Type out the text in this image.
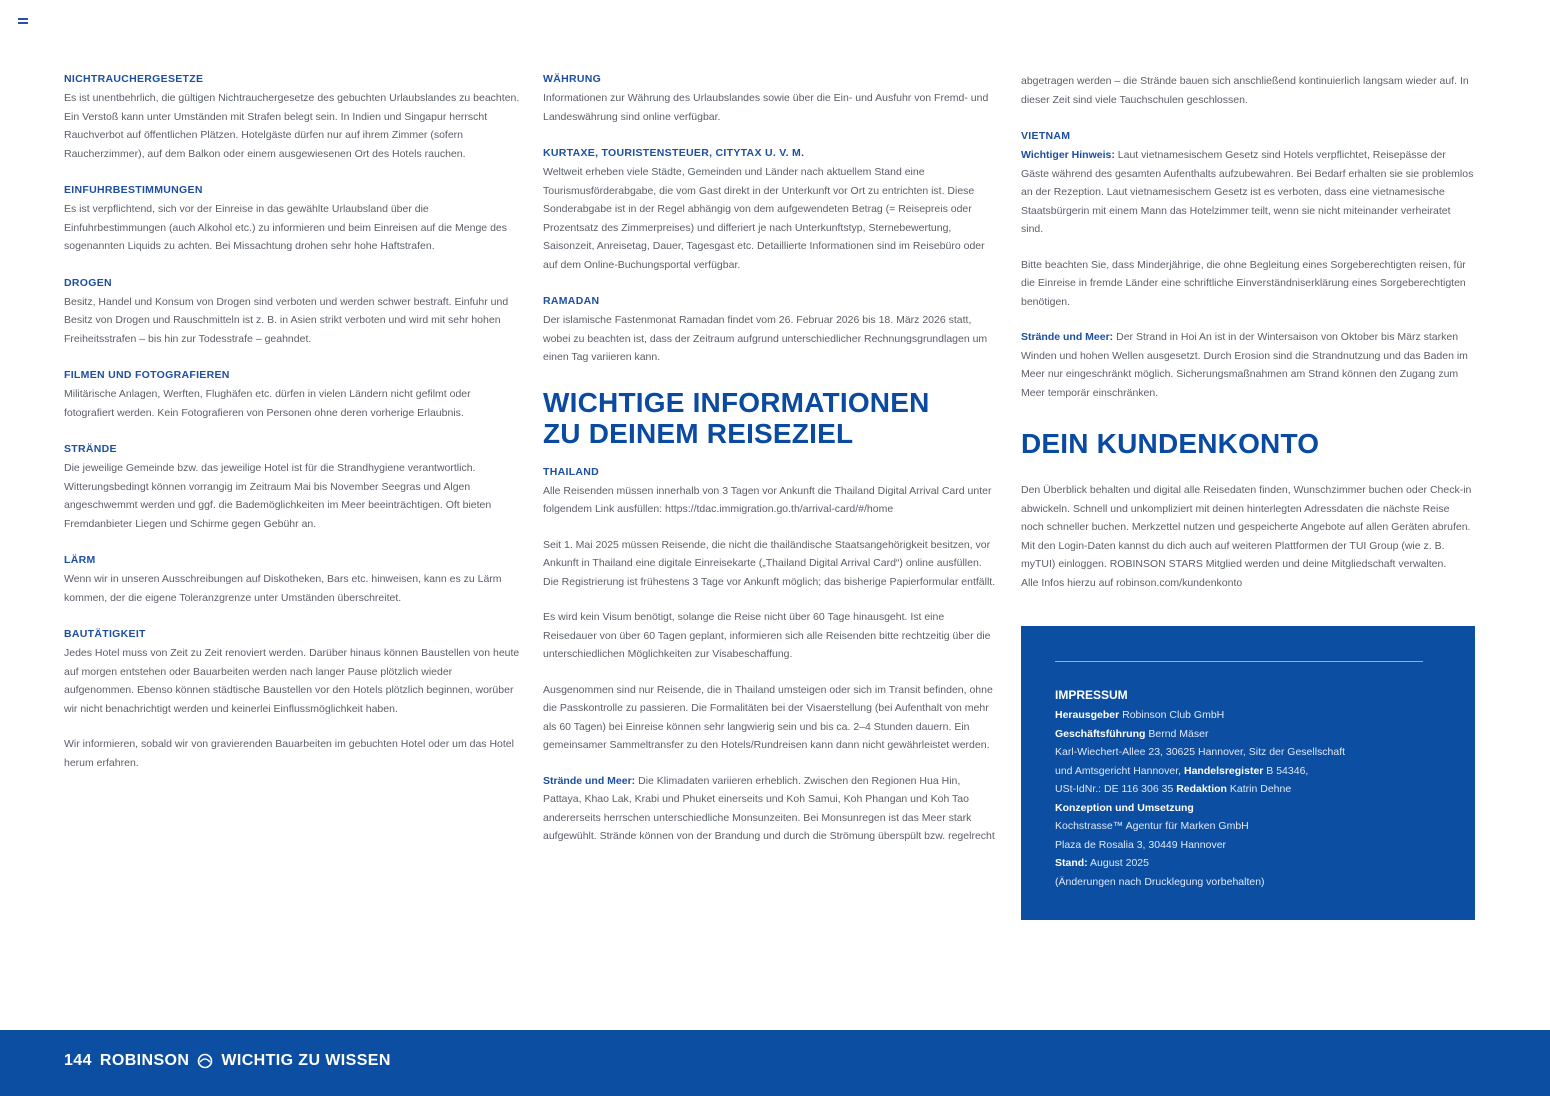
NICHTRAUCHERGESETZE

Es ist unentbehrlich, die gültigen Nichtrauchergesetze des gebuchten Urlaubslandes zu beachten. Ein Verstoß kann unter Umständen mit Strafen belegt sein. In Indien und Singapur herrscht Rauchverbot auf öffentlichen Plätzen. Hotelgäste dürfen nur auf ihrem Zimmer (sofern Raucherzimmer), auf dem Balkon oder einem ausgewiesenen Ort des Hotels rauchen.

EINFUHRBESTIMMUNGEN

Es ist verpflichtend, sich vor der Einreise in das gewählte Urlaubsland über die Einfuhrbestimmungen (auch Alkohol etc.) zu informieren und beim Einreisen auf die Menge des sogenannten Liquids zu achten. Bei Missachtung drohen sehr hohe Haftstrafen.

DROGEN

Besitz, Handel und Konsum von Drogen sind verboten und werden schwer bestraft. Einfuhr und Besitz von Drogen und Rauschmitteln ist z. B. in Asien strikt verboten und wird mit sehr hohen Freiheitsstrafen – bis hin zur Todesstrafe – geahndet.

FILMEN UND FOTOGRAFIEREN

Militärische Anlagen, Werften, Flughäfen etc. dürfen in vielen Ländern nicht gefilmt oder fotografiert werden. Kein Fotografieren von Personen ohne deren vorherige Erlaubnis.

STRÄNDE

Die jeweilige Gemeinde bzw. das jeweilige Hotel ist für die Strandhygiene verantwortlich. Witterungsbedingt können vorrangig im Zeitraum Mai bis November Seegras und Algen angeschwemmt werden und ggf. die Bademöglichkeiten im Meer beeinträchtigen. Oft bieten Fremdanbieter Liegen und Schirme gegen Gebühr an.

LÄRM

Wenn wir in unseren Ausschreibungen auf Diskotheken, Bars etc. hinweisen, kann es zu Lärm kommen, der die eigene Toleranzgrenze unter Umständen überschreitet.

BAUTÄTIGKEIT

Jedes Hotel muss von Zeit zu Zeit renoviert werden. Darüber hinaus können Baustellen von heute auf morgen entstehen oder Bauarbeiten werden nach langer Pause plötzlich wieder aufgenommen. Ebenso können städtische Baustellen vor den Hotels plötzlich beginnen, worüber wir nicht benachrichtigt werden und keinerlei Einflussmöglichkeit haben.

Wir informieren, sobald wir von gravierenden Bauarbeiten im gebuchten Hotel oder um das Hotel herum erfahren.

WÄHRUNG

Informationen zur Währung des Urlaubslandes sowie über die Ein- und Ausfuhr von Fremd- und Landeswährung sind online verfügbar.

KURTAXE, TOURISTENSTEUER, CITYTAX U. V. M.

Weltweit erheben viele Städte, Gemeinden und Länder nach aktuellem Stand eine Tourismusförderabgabe, die vom Gast direkt in der Unterkunft vor Ort zu entrichten ist. Diese Sonderabgabe ist in der Regel abhängig von dem aufgewendeten Betrag (= Reisepreis oder Prozentsatz des Zimmerpreises) und differiert je nach Unterkunftstyp, Sternebewertung, Saisonzeit, Anreisetag, Dauer, Tagesgast etc. Detaillierte Informationen sind im Reisebüro oder auf dem Online-Buchungsportal verfügbar.

RAMADAN

Der islamische Fastenmonat Ramadan findet vom 26. Februar 2026 bis 18. März 2026 statt, wobei zu beachten ist, dass der Zeitraum aufgrund unterschiedlicher Rechnungsgrundlagen um einen Tag variieren kann.

WICHTIGE INFORMATIONEN ZU DEINEM REISEZIEL

THAILAND

Alle Reisenden müssen innerhalb von 3 Tagen vor Ankunft die Thailand Digital Arrival Card unter folgendem Link ausfüllen: https://tdac.immigration.go.th/arrival-card/#/home

Seit 1. Mai 2025 müssen Reisende, die nicht die thailändische Staatsangehörigkeit besitzen, vor Ankunft in Thailand eine digitale Einreisekarte („Thailand Digital Arrival Card“) online ausfüllen. Die Registrierung ist frühestens 3 Tage vor Ankunft möglich; das bisherige Papierformular entfällt.

Es wird kein Visum benötigt, solange die Reise nicht über 60 Tage hinausgeht. Ist eine Reisedauer von über 60 Tagen geplant, informieren sich alle Reisenden bitte rechtzeitig über die unterschiedlichen Möglichkeiten zur Visabeschaffung.

Ausgenommen sind nur Reisende, die in Thailand umsteigen oder sich im Transit befinden, ohne die Passkontrolle zu passieren. Die Formalitäten bei der Visaerstellung (bei Aufenthalt von mehr als 60 Tagen) bei Einreise können sehr langwierig sein und bis ca. 2–4 Stunden dauern. Ein gemeinsamer Sammeltransfer zu den Hotels/Rundreisen kann dann nicht gewährleistet werden.

Strände und Meer: Die Klimadaten variieren erheblich. Zwischen den Regionen Hua Hin, Pattaya, Khao Lak, Krabi und Phuket einerseits und Koh Samui, Koh Phangan und Koh Tao andererseits herrschen unterschiedliche Monsunzeiten. Bei Monsunregen ist das Meer stark aufgewühlt. Strände können von der Brandung und durch die Strömung überspült bzw. regelrecht

abgetragen werden – die Strände bauen sich anschließend kontinuierlich langsam wieder auf. In dieser Zeit sind viele Tauchschulen geschlossen.

VIETNAM

Wichtiger Hinweis: Laut vietnamesischem Gesetz sind Hotels verpflichtet, Reisepässe der Gäste während des gesamten Aufenthalts aufzubewahren. Bei Bedarf erhalten sie sie problemlos an der Rezeption. Laut vietnamesischem Gesetz ist es verboten, dass eine vietnamesische Staatsbürgerin mit einem Mann das Hotelzimmer teilt, wenn sie nicht miteinander verheiratet sind.

Bitte beachten Sie, dass Minderjährige, die ohne Begleitung eines Sorgeberechtigten reisen, für die Einreise in fremde Länder eine schriftliche Einverständniserklärung eines Sorgeberechtigten benötigen.

Strände und Meer: Der Strand in Hoi An ist in der Wintersaison von Oktober bis März starken Winden und hohen Wellen ausgesetzt. Durch Erosion sind die Strandnutzung und das Baden im Meer nur eingeschränkt möglich. Sicherungsmaßnahmen am Strand können den Zugang zum Meer temporär einschränken.

DEIN KUNDENKONTO

Den Überblick behalten und digital alle Reisedaten finden, Wunschzimmer buchen oder Check-in abwickeln. Schnell und unkompliziert mit deinen hinterlegten Adressdaten die nächste Reise noch schneller buchen. Merkzettel nutzen und gespeicherte Angebote auf allen Geräten abrufen. Mit den Login-Daten kannst du dich auch auf weiteren Plattformen der TUI Group (wie z. B. myTUI) einloggen. ROBINSON STARS Mitglied werden und deine Mitgliedschaft verwalten.

Alle Infos hierzu auf robinson.com/kundenkonto

IMPRESSUM

Herausgeber Robinson Club GmbH

Geschäftsführung Bernd Mäser

Karl-Wiechert-Allee 23, 30625 Hannover, Sitz der Gesellschaft

und Amtsgericht Hannover, Handelsregister B 54346,

USt-IdNr.: DE 116 306 35 Redaktion Katrin Dehne

Konzeption und Umsetzung

Kochstrasse™ Agentur für Marken GmbH

Plaza de Rosalia 3, 30449 Hannover

Stand: August 2025

(Änderungen nach Drucklegung vorbehalten)

144 ROBINSON WICHTIG ZU WISSEN
